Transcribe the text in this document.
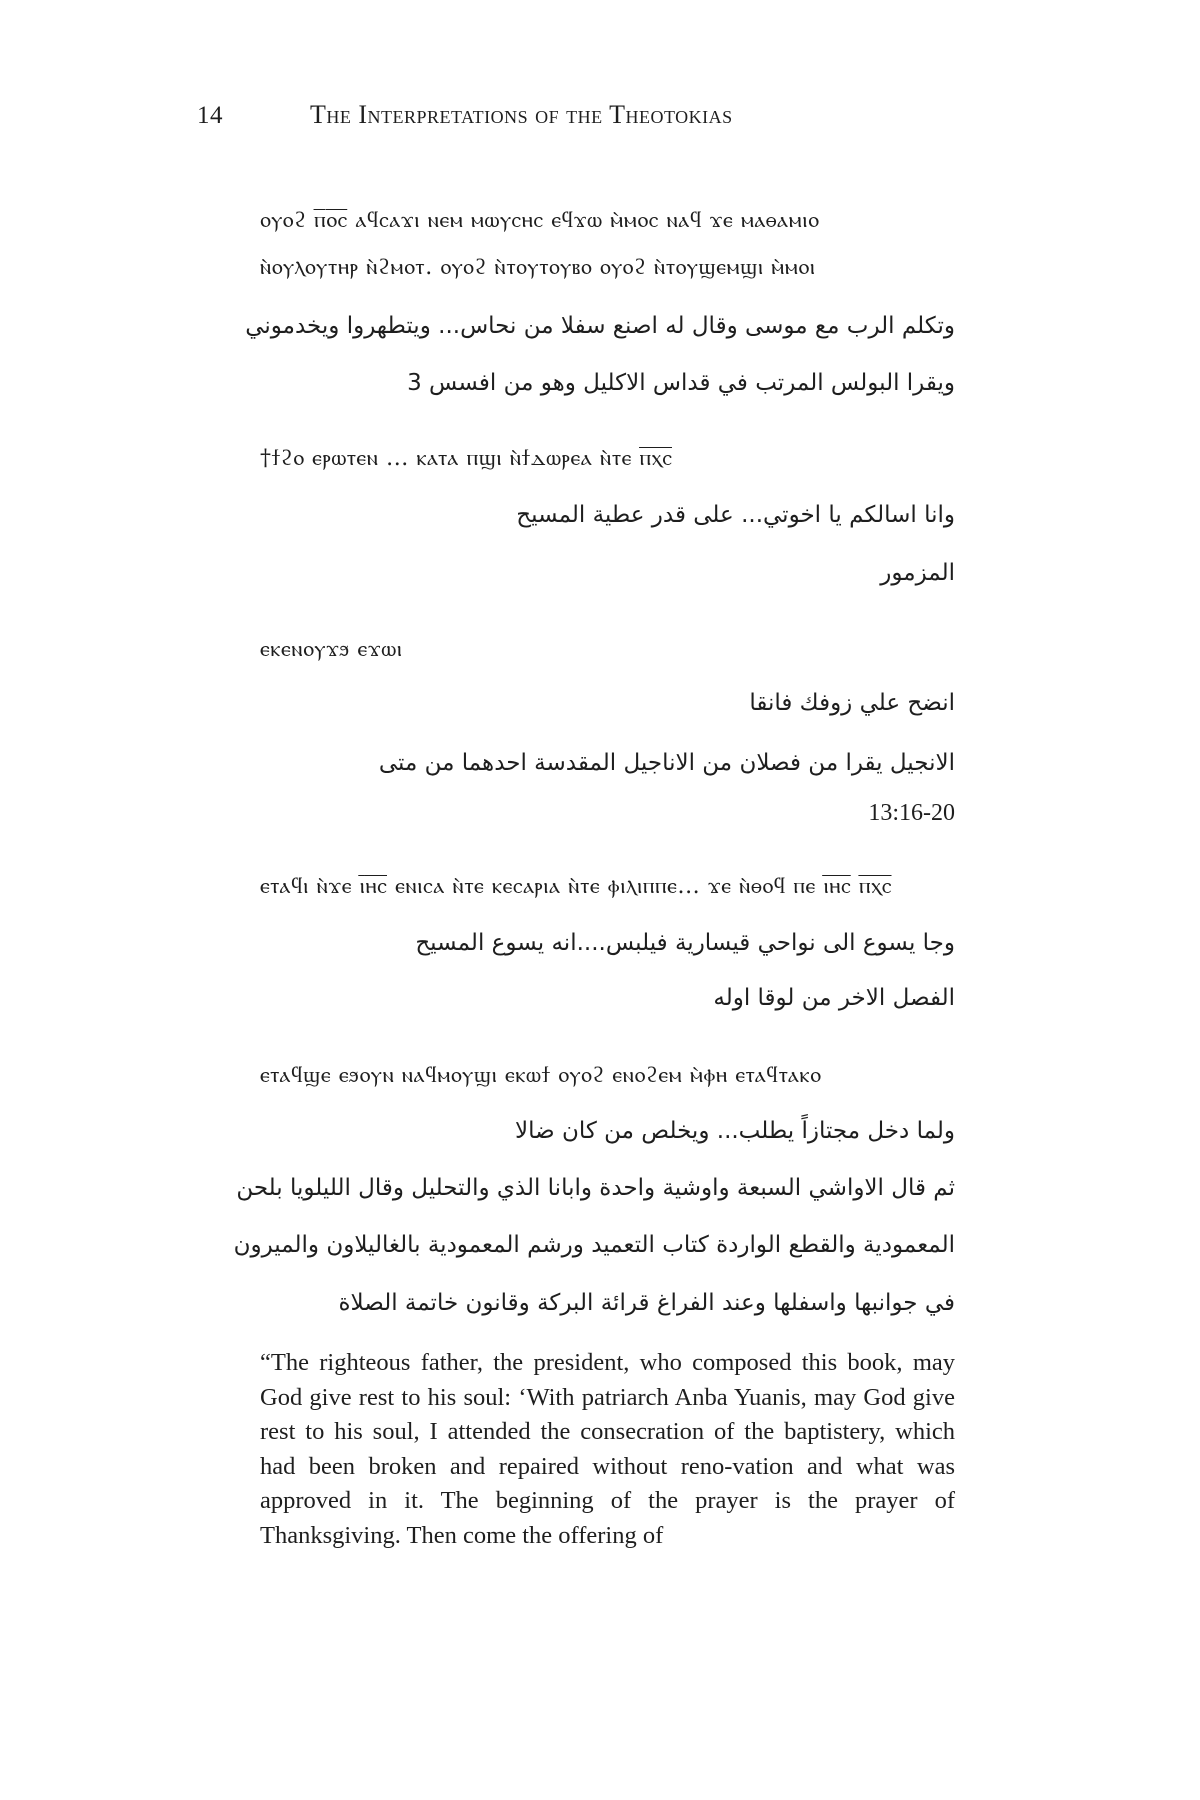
14	The Interpretations of the Theotokias
ⲟⲩⲟϩ ⲡ̅ⲟ̅ⲥ̅ ⲁϥⲥⲁϫⲓ ⲛⲉⲙ ⲙⲱⲩⲥⲏⲥ ⲉϥϫⲱ ⲙ̀ⲙⲟⲥ ⲛⲁϥ ϫⲉ ⲙⲁⲑⲁⲙⲓⲟ
ⲛ̀ⲟⲩⲗⲟⲩⲧⲏⲣ ⲛ̀ϩⲙⲟⲧ. ⲟⲩⲟϩ ⲛ̀ⲧⲟⲩⲧⲟⲩⲃⲟ ⲟⲩⲟϩ ⲛ̀ⲧⲟⲩϣⲉⲙϣⲓ ⲙ̀ⲙⲟⲓ
وتكلم الرب مع موسى وقال له اصنع سفلا من نحاس... ويتطهروا ويخدموني
ويقرا البولس المرتب في قداس الاكليل وهو من افسس 3
†ϯϩⲟ ⲉⲣⲱⲧⲉⲛ ... ⲕⲁⲧⲁ ⲡϣⲓ ⲛ̀ϯⲇⲱⲣⲉⲁ ⲛ̀ⲧⲉ ⲡ̅ⲭ̅ⲥ̅
وانا اسالكم يا اخوتي... على قدر عطية المسيح
المزمور
ⲉⲕⲉⲛⲟⲩϫϧ ⲉϫⲱⲓ
انضح علي زوفك فانقا
الانجيل يقرا من فصلان من الاناجيل المقدسة احدهما من متى
13:16-20
ⲉⲧⲁϥⲓ ⲛ̀ϫⲉ ⲓ̅ⲏ̅ⲥ̅ ⲉⲛⲓⲥⲁ ⲛ̀ⲧⲉ ⲕⲉⲥⲁⲣⲓⲁ ⲛ̀ⲧⲉ ⲫⲓⲗⲓⲡⲡⲉ... ϫⲉ ⲛ̀ⲑⲟϥ ⲡⲉ ⲓ̅ⲏ̅ⲥ̅ ⲡ̅ⲭ̅ⲥ̅
وجا يسوع الى نواحي قيسارية فيلبس....انه يسوع المسيح
الفصل الاخر من لوقا اوله
ⲉⲧⲁϥϣⲉ ⲉϧⲟⲩⲛ ⲛⲁϥⲙⲟⲩϣⲓ ⲉⲕⲱϯ ⲟⲩⲟϩ ⲉⲛⲟϩⲉⲙ ⲙ̀ⲫⲏ ⲉⲧⲁϥⲧⲁⲕⲟ
ولما دخل مجتازاً يطلب... ويخلص من كان ضالا
ثم قال الاواشي السبعة واوشية واحدة وابانا الذي والتحليل وقال الليلويا بلحن
المعمودية والقطع الواردة كتاب التعميد ورشم المعمودية بالغاليلاون والميرون
في جوانبها واسفلها وعند الفراغ قرائة البركة وقانون خاتمة الصلاة

“The righteous father, the president, who composed this book, may God give rest to his soul: ‘With patriarch Anba Yuanis, may God give rest to his soul, I attended the consecration of the baptistery, which had been broken and repaired without reno-vation and what was approved in it. The beginning of the prayer is the prayer of Thanksgiving. Then come the offering of
